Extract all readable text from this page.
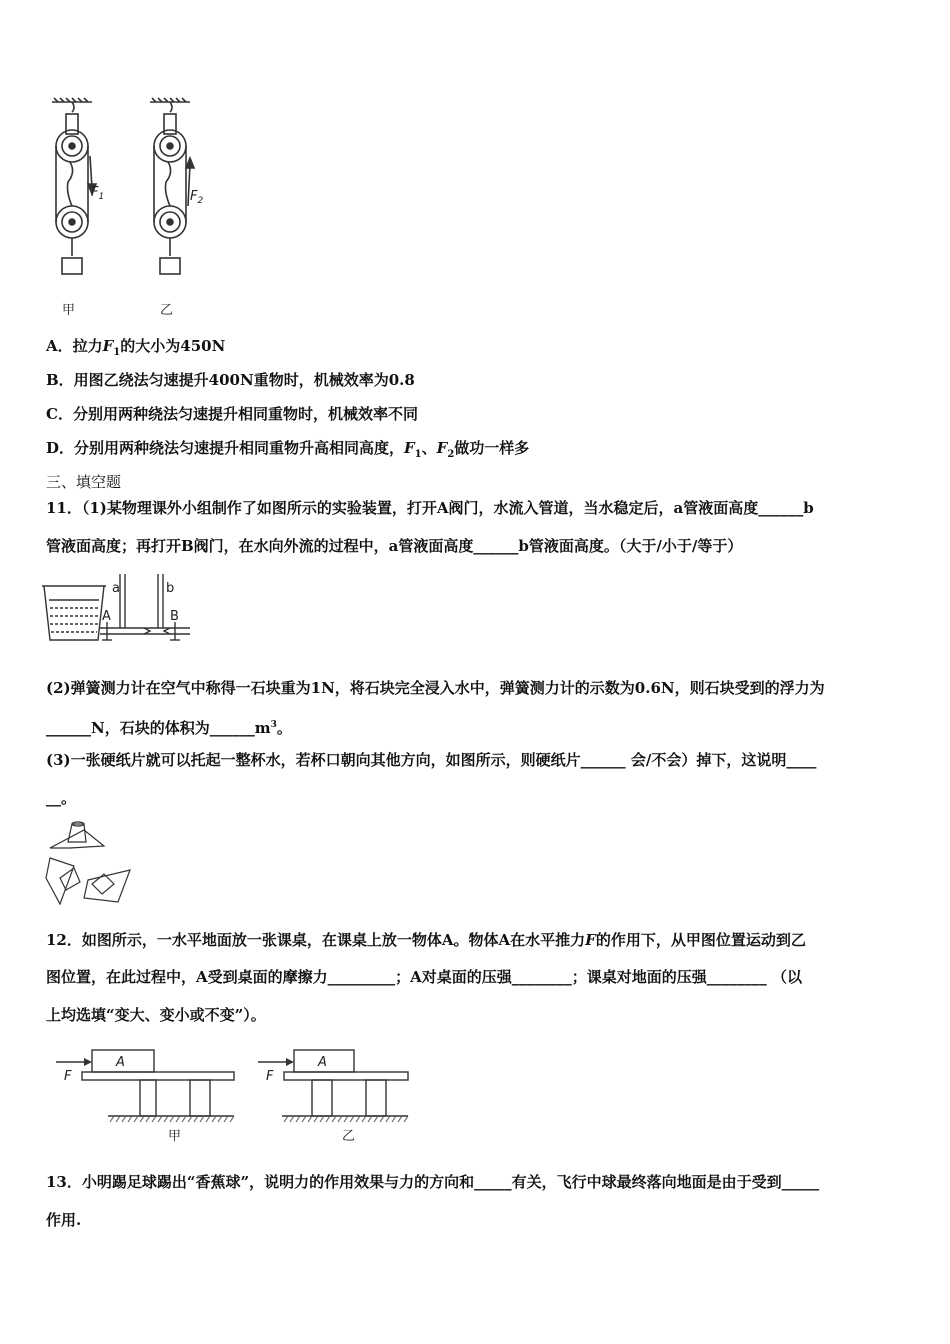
$F_1$
甲
$F_2$
乙
A．拉力$F_1$的大小为450N
B．用图乙绕法匀速提升400N重物时，机械效率为0.8
C．分别用两种绕法匀速提升相同重物时，机械效率不同
D．分别用两种绕法匀速提升相同重物升高相同高度，$F_1$、$F_2$做功一样多
三、填空题
11．（1)某物理课外小组制作了如图所示的实验装置，打开A阀门，水流入管道，当水稳定后，a管液面高度______b
管液面高度；再打开B阀门，在水向外流的过程中，a管液面高度______b管液面高度。（大于/小于/等于）
a	b
A	B
(2)弹簧测力计在空气中称得一石块重为1N，将石块完全浸入水中，弹簧测力计的示数为0.6N，则石块受到的浮力为
______N，石块的体积为$\_\_\_\_\_\_m^3$。
(3)一张硬纸片就可以托起一整杯水，若杯口朝向其他方向，如图所示，则硬纸片______ 会/不会）掉下，这说明____
__。
12．如图所示，一水平地面放一张课桌，在课桌上放一物体A。物体A在水平推力F的作用下，从甲图位置运动到乙
图位置，在此过程中，A受到桌面的摩擦力_________；A对桌面的压强________；课桌对地面的压强________ （以
上均选填“变大、变小或不变”）。
A
F
甲
A
F
乙
13．小明踢足球踢出“香蕉球”，说明力的作用效果与力的方向和_____有关，飞行中球最终落向地面是由于受到_____
作用.
